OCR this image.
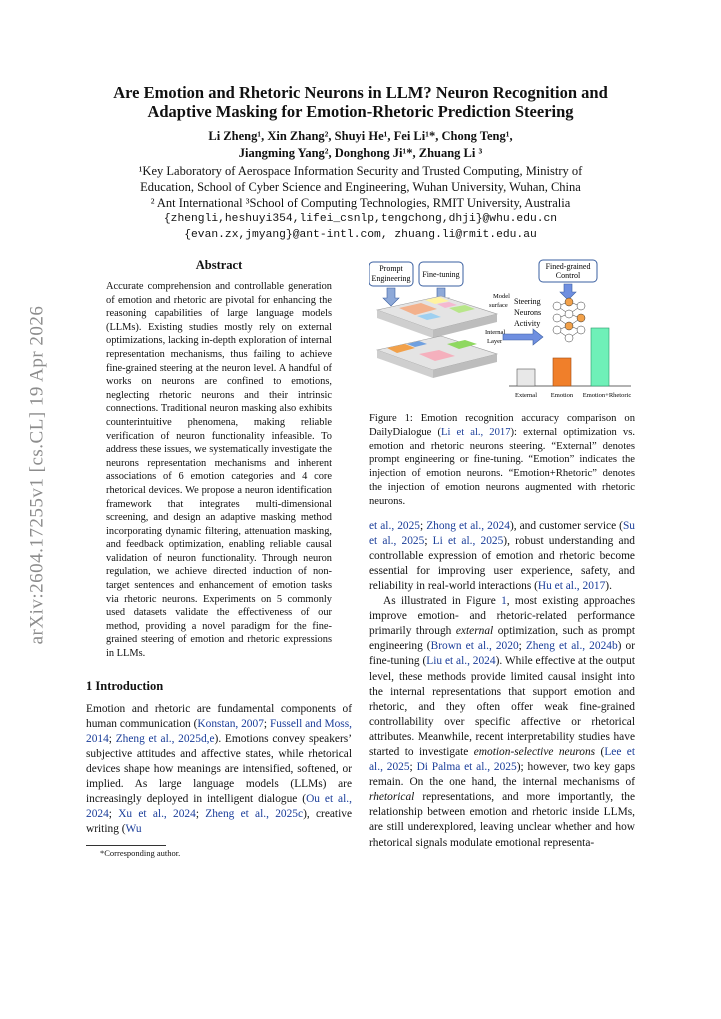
arXiv:2604.17255v1 [cs.CL] 19 Apr 2026
Are Emotion and Rhetoric Neurons in LLM? Neuron Recognition and Adaptive Masking for Emotion-Rhetoric Prediction Steering
Li Zheng¹, Xin Zhang², Shuyi He¹, Fei Li¹*, Chong Teng¹,
Jiangming Yang², Donghong Ji¹*, Zhuang Li ³
¹Key Laboratory of Aerospace Information Security and Trusted Computing, Ministry of
Education, School of Cyber Science and Engineering, Wuhan University, Wuhan, China
² Ant International ³School of Computing Technologies, RMIT University, Australia
{zhengli,heshuyi354,lifei_csnlp,tengchong,dhji}@whu.edu.cn
{evan.zx,jmyang}@ant-intl.com, zhuang.li@rmit.edu.au
Abstract

Accurate comprehension and controllable generation of emotion and rhetoric are pivotal for enhancing the reasoning capabilities of large language models (LLMs). Existing studies mostly rely on external optimizations, lacking in-depth exploration of internal representation mechanisms, thus failing to achieve fine-grained steering at the neuron level. A handful of works on neurons are confined to emotions, neglecting rhetoric neurons and their intrinsic connections. Traditional neuron masking also exhibits counterintuitive phenomena, making reliable verification of neuron functionality infeasible. To address these issues, we systematically investigate the neurons representation mechanisms and inherent associations of 6 emotion categories and 4 core rhetorical devices. We propose a neuron identification framework that integrates multi-dimensional screening, and design an adaptive masking method incorporating dynamic filtering, attenuation masking, and feedback optimization, enabling reliable causal validation of neuron functionality. Through neuron regulation, we achieve directed induction of non-target sentences and enhancement of emotion tasks via rhetoric neurons. Experiments on 5 commonly used datasets validate the effectiveness of our method, providing a novel paradigm for the fine-grained steering of emotion and rhetoric expressions in LLMs.

1 Introduction

Emotion and rhetoric are fundamental components of human communication (Konstan, 2007; Fussell and Moss, 2014; Zheng et al., 2025d,e). Emotions convey speakers’ subjective attitudes and affective states, while rhetorical devices shape how meanings are intensified, softened, or implied. As large language models (LLMs) are increasingly deployed in intelligent dialogue (Ou et al., 2024; Xu et al., 2024; Zheng et al., 2025c), creative writing (Wu

*Corresponding author.
Prompt
Engineering Fine-tuning
Fined-grained
Control
Model
surface
Internal
Layer
Steering
Neurons
Activity
External Emotion Emotion+Rhetoric
Figure 1: Emotion recognition accuracy comparison on DailyDialogue (Li et al., 2017): external optimization vs. emotion and rhetoric neurons steering. “External” denotes prompt engineering or fine-tuning. “Emotion” indicates the injection of emotion neurons. “Emotion+Rhetoric” denotes the injection of emotion neurons augmented with rhetoric neurons.

et al., 2025; Zhong et al., 2024), and customer service (Su et al., 2025; Li et al., 2025), robust understanding and controllable expression of emotion and rhetoric become essential for improving user experience, safety, and reliability in real-world interactions (Hu et al., 2017).

As illustrated in Figure 1, most existing approaches improve emotion- and rhetoric-related performance primarily through external optimization, such as prompt engineering (Brown et al., 2020; Zheng et al., 2024b) or fine-tuning (Liu et al., 2024). While effective at the output level, these methods provide limited causal insight into the internal representations that support emotion and rhetoric, and they often offer weak fine-grained controllability over specific affective or rhetorical attributes. Meanwhile, recent interpretability studies have started to investigate emotion-selective neurons (Lee et al., 2025; Di Palma et al., 2025); however, two key gaps remain. On the one hand, the internal mechanisms of rhetorical representations, and more importantly, the relationship between emotion and rhetoric inside LLMs, are still underexplored, leaving unclear whether and how rhetorical signals modulate emotional representa-
